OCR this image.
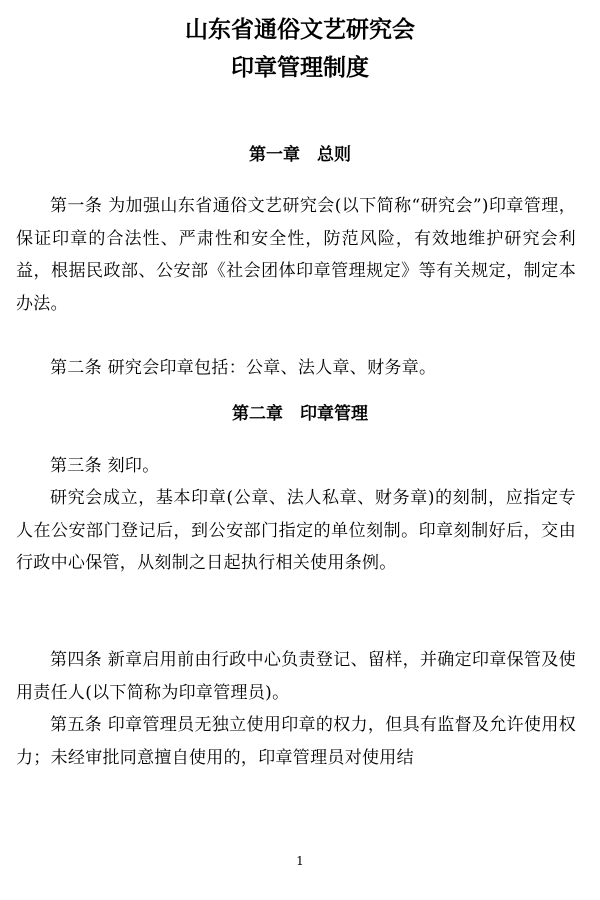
山东省通俗文艺研究会
印章管理制度
第一章　总则
第一条 为加强山东省通俗文艺研究会(以下简称“研究会”)印章管理，保证印章的合法性、严肃性和安全性，防范风险，有效地维护研究会利益，根据民政部、公安部《社会团体印章管理规定》等有关规定，制定本办法。
第二条 研究会印章包括：公章、法人章、财务章。
第二章　印章管理
第三条 刻印。
研究会成立，基本印章(公章、法人私章、财务章)的刻制，应指定专人在公安部门登记后，到公安部门指定的单位刻制。印章刻制好后，交由行政中心保管，从刻制之日起执行相关使用条例。
第四条 新章启用前由行政中心负责登记、留样，并确定印章保管及使用责任人(以下简称为印章管理员)。
第五条 印章管理员无独立使用印章的权力，但具有监督及允许使用权力；未经审批同意擅自使用的，印章管理员对使用结
1
